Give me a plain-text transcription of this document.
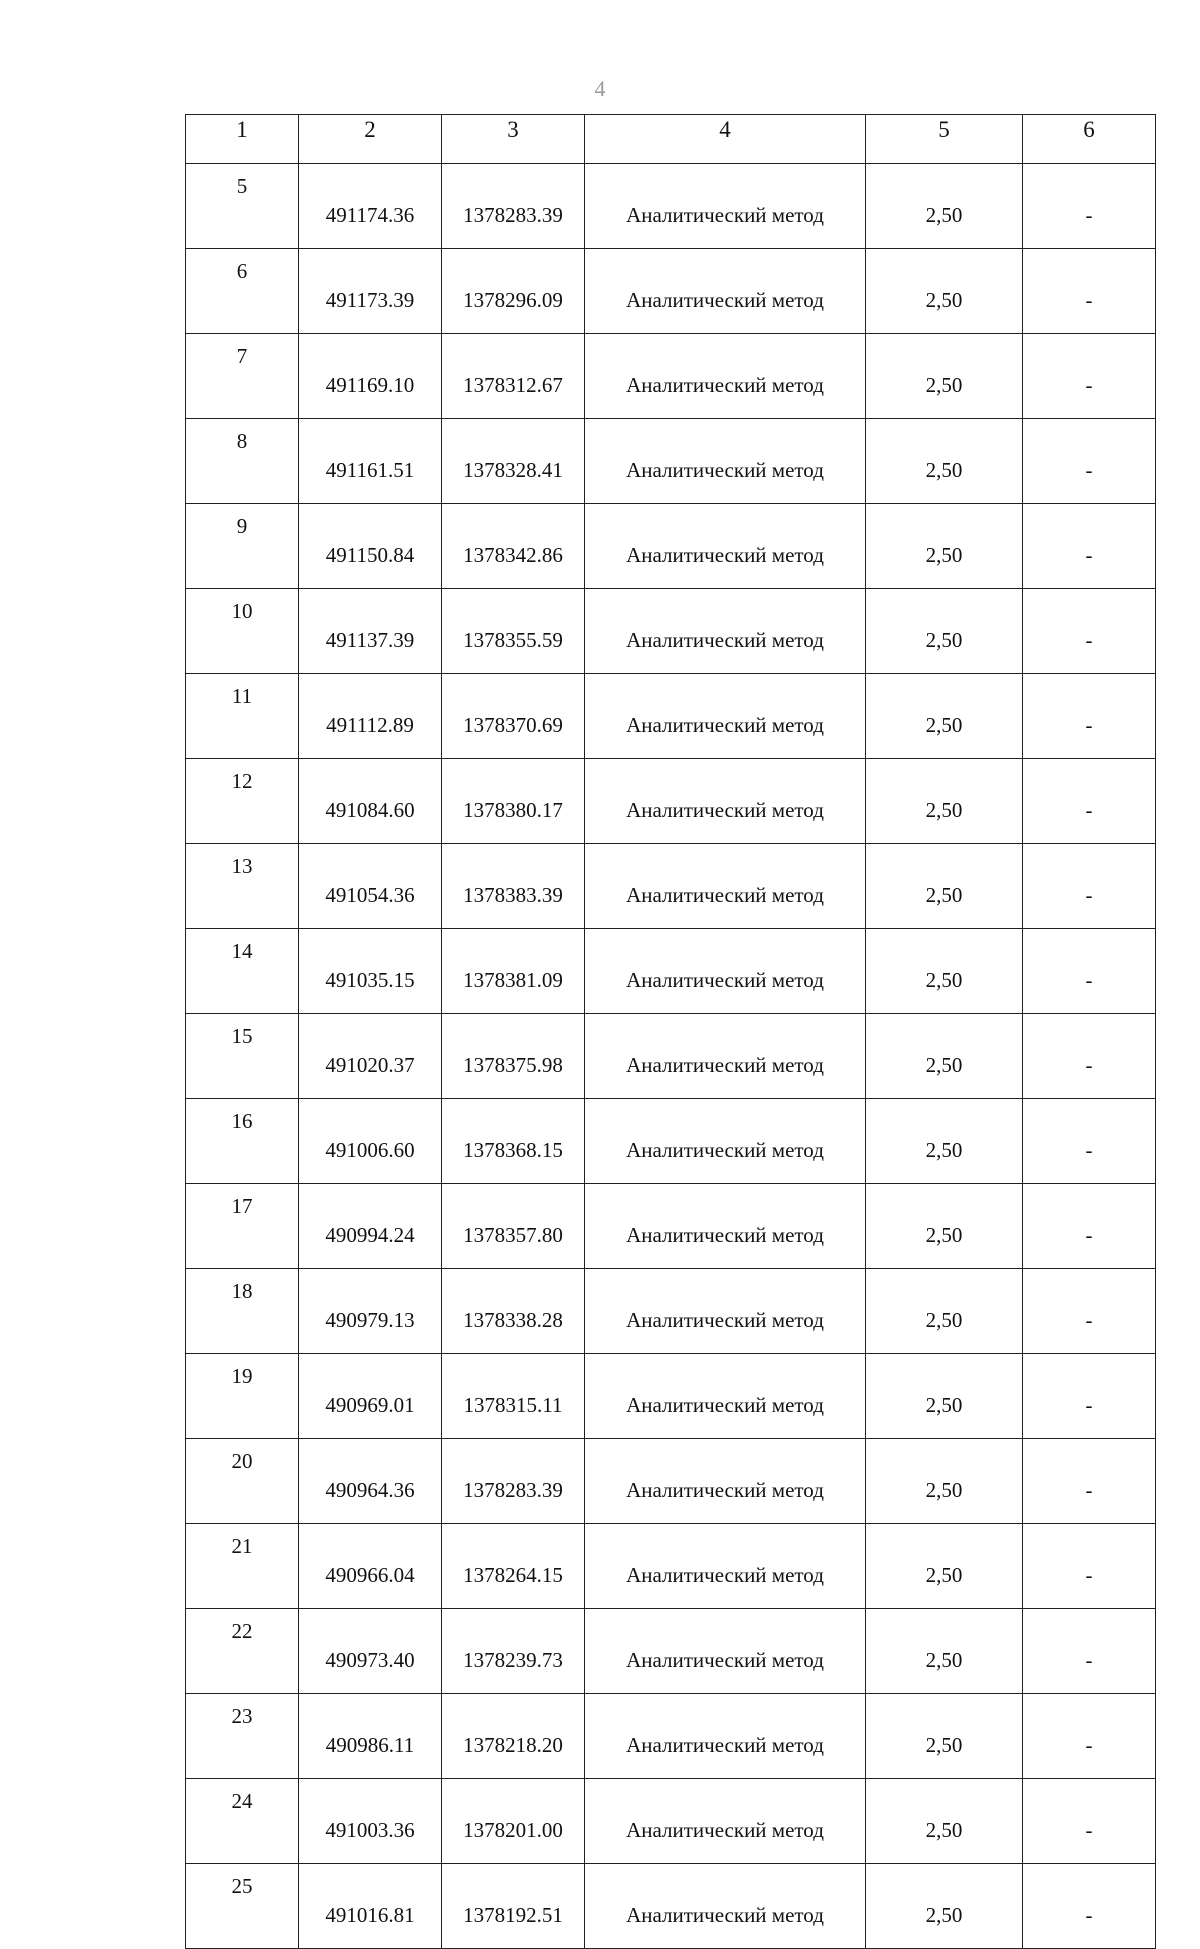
4
1	2	3	4	5	6
5	491174.36	1378283.39	Аналитический метод	2,50	-
6	491173.39	1378296.09	Аналитический метод	2,50	-
7	491169.10	1378312.67	Аналитический метод	2,50	-
8	491161.51	1378328.41	Аналитический метод	2,50	-
9	491150.84	1378342.86	Аналитический метод	2,50	-
10	491137.39	1378355.59	Аналитический метод	2,50	-
11	491112.89	1378370.69	Аналитический метод	2,50	-
12	491084.60	1378380.17	Аналитический метод	2,50	-
13	491054.36	1378383.39	Аналитический метод	2,50	-
14	491035.15	1378381.09	Аналитический метод	2,50	-
15	491020.37	1378375.98	Аналитический метод	2,50	-
16	491006.60	1378368.15	Аналитический метод	2,50	-
17	490994.24	1378357.80	Аналитический метод	2,50	-
18	490979.13	1378338.28	Аналитический метод	2,50	-
19	490969.01	1378315.11	Аналитический метод	2,50	-
20	490964.36	1378283.39	Аналитический метод	2,50	-
21	490966.04	1378264.15	Аналитический метод	2,50	-
22	490973.40	1378239.73	Аналитический метод	2,50	-
23	490986.11	1378218.20	Аналитический метод	2,50	-
24	491003.36	1378201.00	Аналитический метод	2,50	-
25	491016.81	1378192.51	Аналитический метод	2,50	-
